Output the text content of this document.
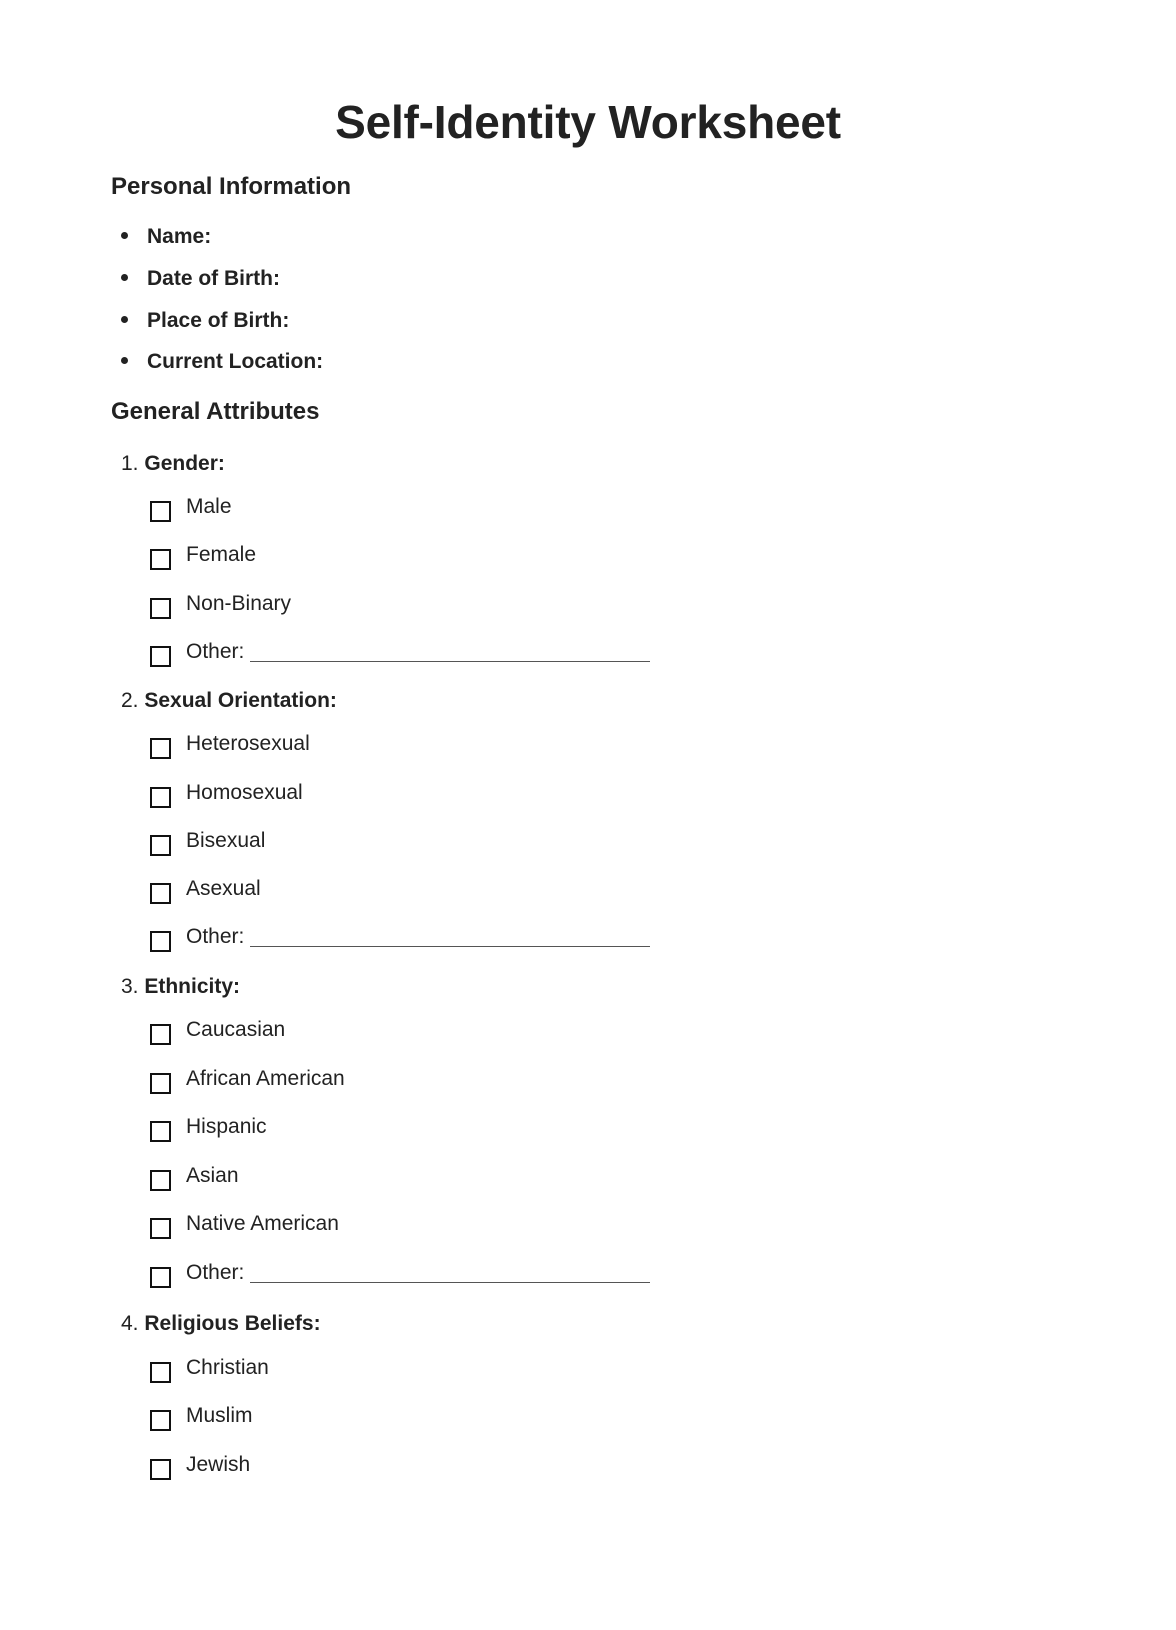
Self-Identity Worksheet
Personal Information
Name:
Date of Birth:
Place of Birth:
Current Location:
General Attributes
1. Gender:
Male
Female
Non-Binary
Other:
2. Sexual Orientation:
Heterosexual
Homosexual
Bisexual
Asexual
Other:
3. Ethnicity:
Caucasian
African American
Hispanic
Asian
Native American
Other:
4. Religious Beliefs:
Christian
Muslim
Jewish
